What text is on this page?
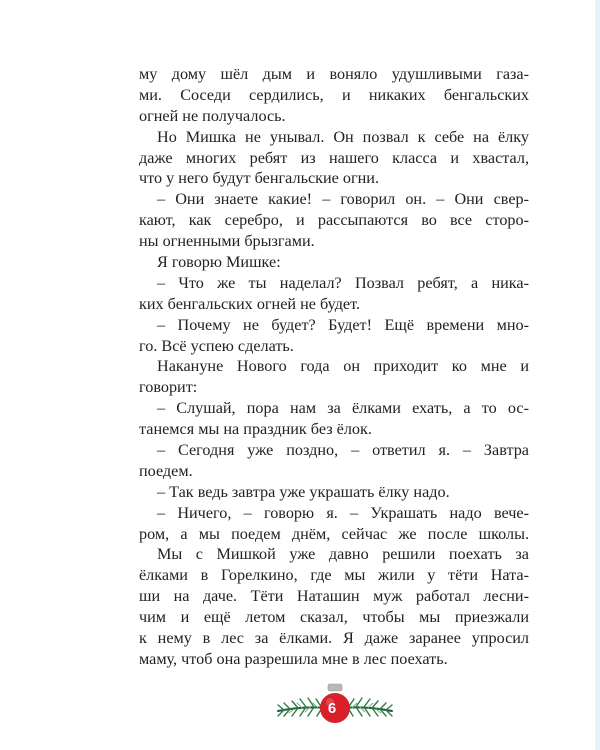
му дому шёл дым и воняло удушливыми газа-
ми. Соседи сердились, и никаких бенгальских
огней не получалось.
Но Мишка не унывал. Он позвал к себе на ёлку
даже многих ребят из нашего класса и хвастал,
что у него будут бенгальские огни.
– Они знаете какие! – говорил он. – Они свер-
кают, как серебро, и рассыпаются во все сторо-
ны огненными брызгами.
Я говорю Мишке:
– Что же ты наделал? Позвал ребят, а ника-
ких бенгальских огней не будет.
– Почему не будет? Будет! Ещё времени мно-
го. Всё успею сделать.
Накануне Нового года он приходит ко мне и
говорит:
– Слушай, пора нам за ёлками ехать, а то ос-
танемся мы на праздник без ёлок.
– Сегодня уже поздно, – ответил я. – Завтра
поедем.
– Так ведь завтра уже украшать ёлку надо.
– Ничего, – говорю я. – Украшать надо вечe-
ром, а мы поедем днём, сейчас же после школы.
Мы с Мишкой уже давно решили поехать за
ёлками в Горелкино, где мы жили у тёти Ната-
ши на даче. Тёти Наташин муж работал лесни-
чим и ещё летом сказал, чтобы мы приезжали
к нему в лес за ёлками. Я даже заранее упросил
маму, чтоб она разрешила мне в лес поехать.
6
